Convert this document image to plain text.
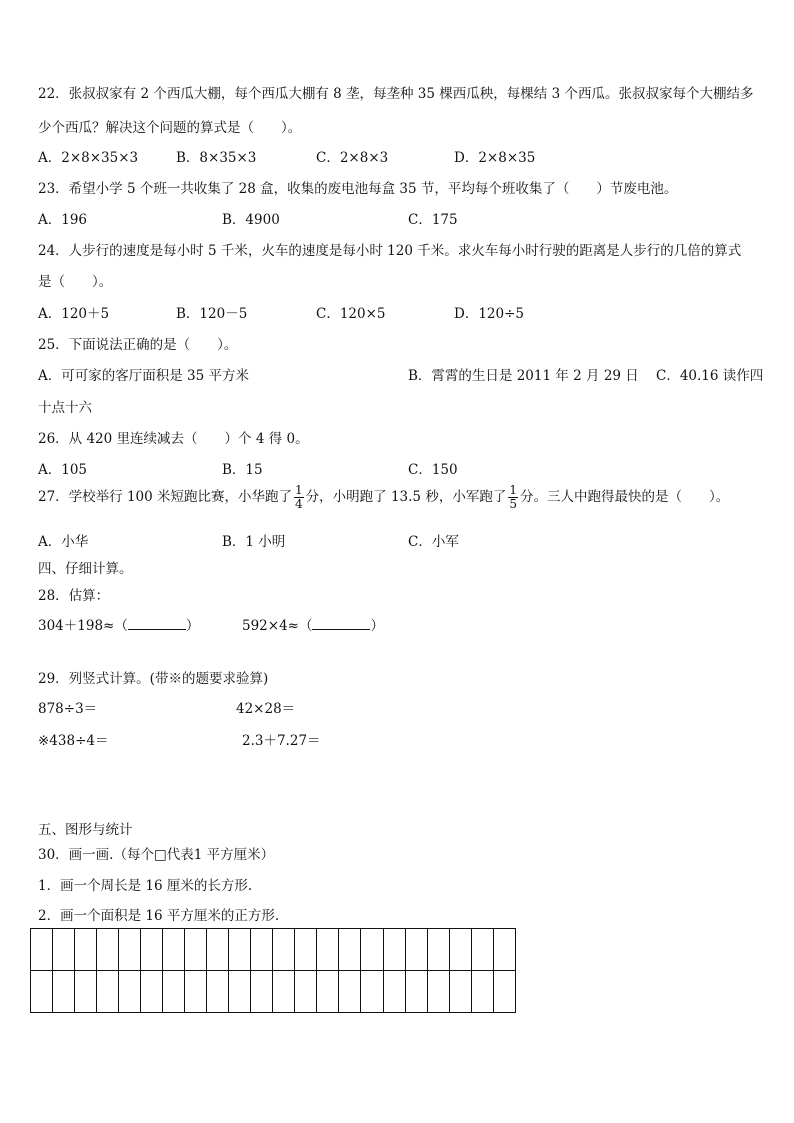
22．张叔叔家有 2 个西瓜大棚，每个西瓜大棚有 8 垄，每垄种 35 棵西瓜秧，每棵结 3 个西瓜。张叔叔家每个大棚结多
少个西瓜？解决这个问题的算式是（　　）。
A．2×8×35×3	B．8×35×3	C．2×8×3	D．2×8×35
23．希望小学 5 个班一共收集了 28 盒，收集的废电池每盒 35 节，平均每个班收集了（　　）节废电池。
A．196	B．4900	C．175
24．人步行的速度是每小时 5 千米，火车的速度是每小时 120 千米。求火车每小时行驶的距离是人步行的几倍的算式
是（　　）。
A．120＋5	B．120－5	C．120×5	D．120÷5
25．下面说法正确的是（　　）。
A．可可家的客厅面积是 35 平方米	B．霄霄的生日是 2011 年 2 月 29 日 C．40.16 读作四
十点十六
26．从 420 里连续减去（　　）个 4 得 0。
A．105	B．15	C．150
27．学校举行 100 米短跑比赛，小华跑了 $\frac{1}{4}$ 分，小明跑了 13.5 秒，小军跑了 $\frac{1}{5}$ 分。三人中跑得最快的是（　　）。
A．小华	B．1 小明	C．小军
四、仔细计算。
28．估算：
304＋198≈（	）	592×4≈（	）
29．列竖式计算。(带※的题要求验算)
878÷3＝	42×28＝
※438÷4＝	2.3＋7.27＝
五、图形与统计
30．画一画.（每个□代表1 平方厘米）
1．画一个周长是 16 厘米的长方形.
2．画一个面积是 16 平方厘米的正方形.
